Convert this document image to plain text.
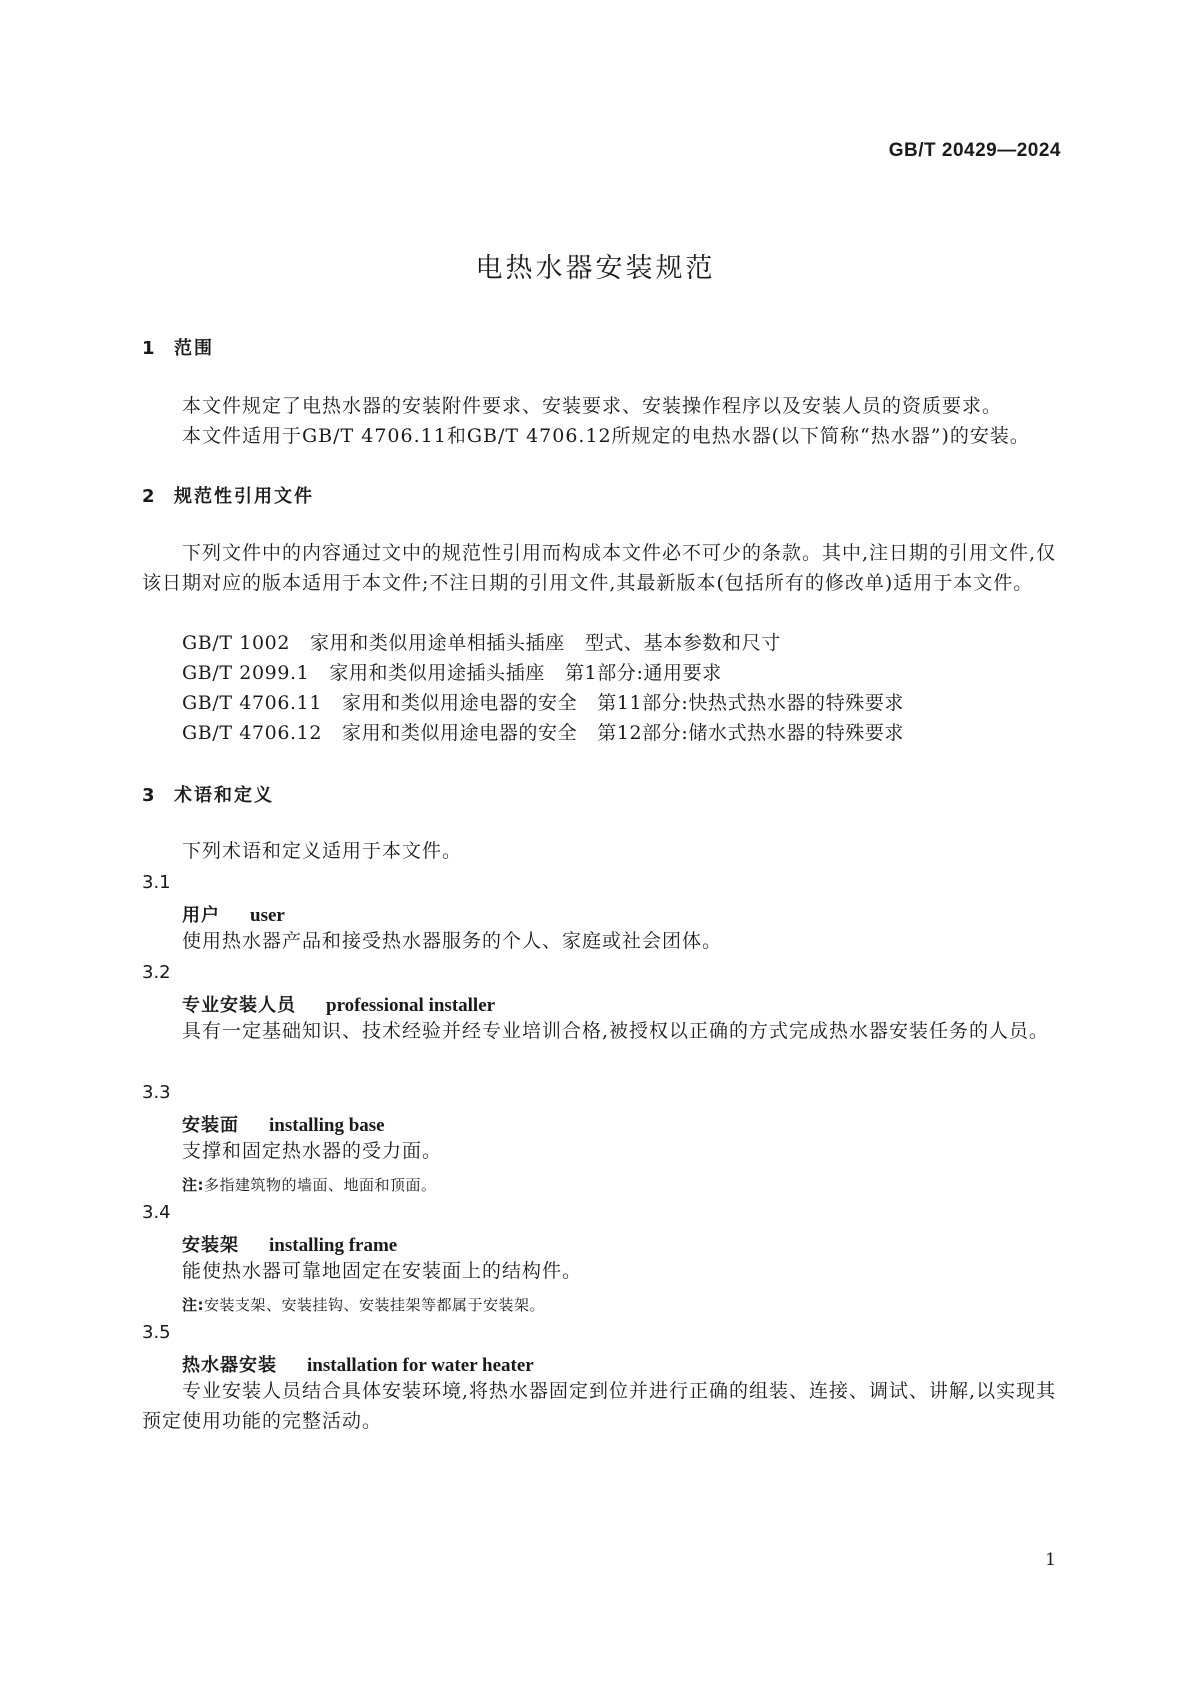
GB/T 20429—2024
电热水器安装规范
1 范围
本文件规定了电热水器的安装附件要求、安装要求、安装操作程序以及安装人员的资质要求。
本文件适用于GB/T 4706.11和GB/T 4706.12所规定的电热水器(以下简称“热水器”)的安装。
2 规范性引用文件
下列文件中的内容通过文中的规范性引用而构成本文件必不可少的条款。其中,注日期的引用文件,仅该日期对应的版本适用于本文件;不注日期的引用文件,其最新版本(包括所有的修改单)适用于本文件。
GB/T 1002 家用和类似用途单相插头插座 型式、基本参数和尺寸
GB/T 2099.1 家用和类似用途插头插座 第1部分:通用要求
GB/T 4706.11 家用和类似用途电器的安全 第11部分:快热式热水器的特殊要求
GB/T 4706.12 家用和类似用途电器的安全 第12部分:储水式热水器的特殊要求
3 术语和定义
下列术语和定义适用于本文件。
3.1
用户 user
使用热水器产品和接受热水器服务的个人、家庭或社会团体。
3.2
专业安装人员 professional installer
具有一定基础知识、技术经验并经专业培训合格,被授权以正确的方式完成热水器安装任务的人员。
3.3
安装面 installing base
支撑和固定热水器的受力面。
注:多指建筑物的墙面、地面和顶面。
3.4
安装架 installing frame
能使热水器可靠地固定在安装面上的结构件。
注:安装支架、安装挂钩、安装挂架等都属于安装架。
3.5
热水器安装 installation for water heater
专业安装人员结合具体安装环境,将热水器固定到位并进行正确的组装、连接、调试、讲解,以实现其预定使用功能的完整活动。
1
